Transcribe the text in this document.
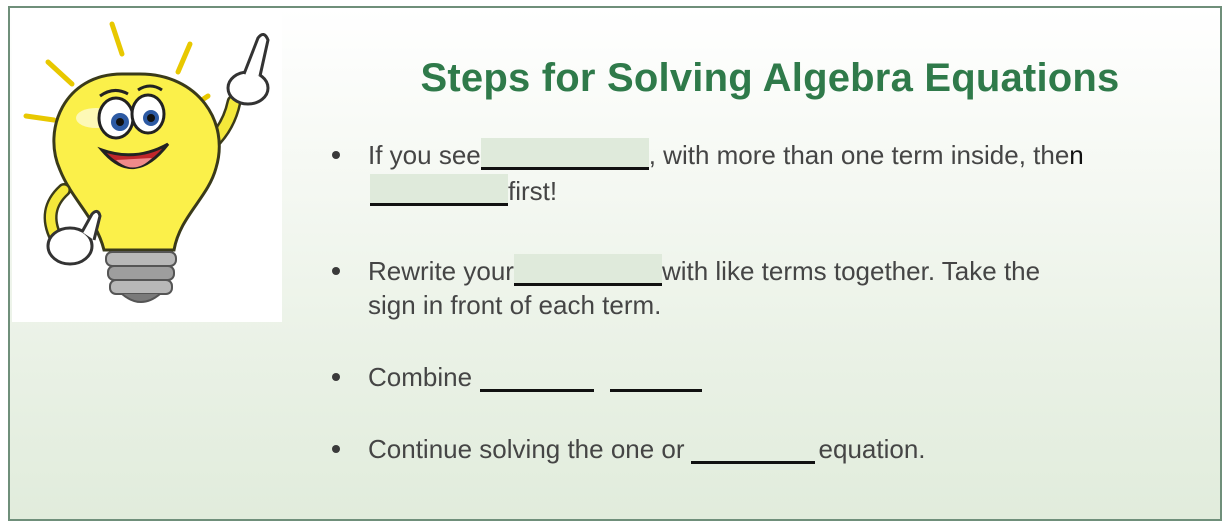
Steps for Solving Algebra Equations
If you see	, with more than one term inside, then
first!
Rewrite your	with like terms together. Take the
sign in front of each term.
Combine
Continue solving the one or	equation.
